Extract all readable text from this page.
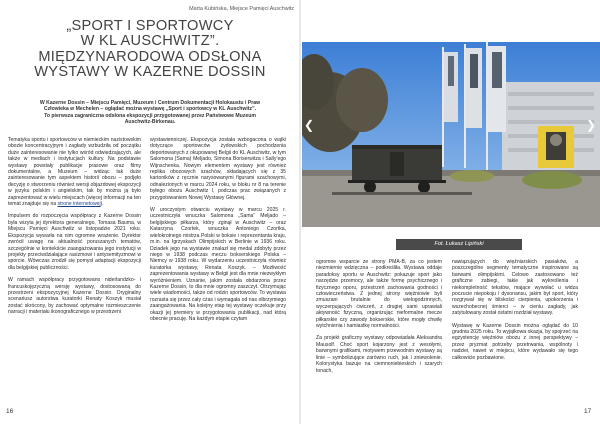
Marta Kubińska, Miejsce Pamięci Auschwitz
„SPORT I SPORTOWCY
W KL AUSCHWITZ”.
MIĘDZYNARODOWA ODSŁONA
WYSTAWY W KAZERNE DOSSIN

W Kazerne Dossin – Miejscu Pamięci, Muzeum i Centrum Dokumentacji Holokaustu i Praw
Człowieka w Mechelen – oglądać można wystawę „Sport i sportowcy w KL Auschwitz”.
To pierwsza zagraniczna odsłona ekspozycji przygotowanej przez Państwowe Muzeum
Auschwitz-Birkenau.

Tematyka sportu i sportowców w niemieckim nazistowskim obozie koncentracyjnym i zagłady wzbudziła od początku duże zainteresowanie nie tylko wśród odwiedzających, ale także w mediach i instytucjach kultury. Na podstawie wystawy powstały publikacje prasowe oraz filmy dokumentalne, a Muzeum – widząc tak duże zainteresowanie tym aspektem historii obozu – podjęło decyzję o stworzeniu również wersji objazdowej ekspozycji w języku polskim i angielskim, tak by można ją było zaprezentować w wielu miejscach (więcej informacji na ten temat znajduje się na strone internetowej).

Impulsem do rozpoczęcia współpracy z Kazerne Dossin była wizyta jej dyrektora generalnego, Tomasa Bauma, w Miejscu Pamięci Auschwitz w listopadzie 2021 roku. Ekspozycja wywarła na nim ogromne wrażenie. Dyrektor zwrócił uwagę na aktualność poruszanych tematów, szczególnie w kontekście zaangażowania jego instytucji w projekty przeciwdziałające rasizmowi i antysemityzmowi w sporcie. Wówczas zrodził się pomysł adaptacji ekspozycji dla belgijskiej publiczności.

W ramach współpracy przygotowano niderlandzko- i francuskojęzyczną wersję wystawy, dostosowaną do przestrzeni ekspozycyjnej Kazerne Dossin. Oryginalny scenariusz autorstwa kuratorki Renaty Koszyk musiał zostać skrócony, by zachować optymalne rozmieszczenie narracji i materiału ikonograficznego w przestrzeni

wystawienniczej. Ekspozycja została wzbogacona o wątki dotyczące sportowców żydowskich pochodzenia deportowanych z okupowanej Belgii do KL Auschwitz, w tym Salomona (Sama) Meljado, Simona Boriserwitza i Sally’ego Wijnschenka. Nowym elementem wystawy jest również replika obozowych szachów, składających się z 35 kartoników z ręcznie narysowanymi figurami szachowymi, odnalezionych w marcu 2024 roku, w bloku nr 8 na terenie byłego obozu Auschwitz I, podczas prac związanych z przygotowaniem Nowej Wystawy Głównej.

W uroczystym otwarciu wystawy w marcu 2025 r. uczestniczyła wnuczka Salomona „Sama” Meljado – belgijskiego piłkarza, który zginął w Auschwitz – oraz Katarzyna Czortek, wnuczka Antoniego Czortka, wielokrotnego mistrza Polski w boksie i reprezentanta kraju, m.in. na Igrzyskach Olimpijskich w Berlinie w 1936 roku. Dziadek jego na wystawie znalazł się medal zdobyty przez niego w 1938 podczas meczu bokserskiego Polska – Niemcy w 1938 roku. W wydarzeniu uczestniczyła również kuratorka wystawy, Renata Koszyk. – Możliwość zaprezentowania wystawy w Belgii jest dla mnie niezwykłym wyróżnieniem. Uznanie, jakim została obdarzona przez Kazerne Dossin, to dla mnie ogromny zaszczyt. Otrzymując wiele wiadomości, także od rodzin sportowców. To wystawa rozrasta się przez cały czas i wymagała od nas olbrzymiego zaangażowania. Na kolejny etap tej wystawy oczekuje przy okazji jej premiery w przygotowaniu publikacji, nad którą obecnie pracuję. Na każdym etapie czytam

16
❮	❯
Fot. Łukasz Lipiński

ogromne wsparcie ze strony PMA-B, za co jestem niezmiernie wdzięczna – podkreśliła. Wystawa oddaje paradoksy sportu w Auschwitz: pokazuje sport jako narzędzie przemocy, ale także formę psychicznego i fizycznego oporu, przestrzeń zachowania godności i człowieczeństwa. Z jednej strony więźniowie byli zmuszani brutalnie do wielogodzinnych, wyczerpujących ćwiczeń, z drugiej sami uprawiali aktywność fizyczną, organizując nieformalne mecze piłkarskie czy zawody bokserskie, które mogły chwilę wytchnienia i namiastkę normalności.

Za projekt graficzny wystawy odpowiadała Aleksandra Mausolf. Choć sport kojarzony jest z wesołymi, barwnymi grafikami, motywem przewodnim wystawy są linie – symbolizujące zarówno ruch, jak i zniewolenie. Kolorystyka bazuje na ciemnoniebieskich i szarych tonach,

nawiązujących do więźniarskich pasiaków, a poszczególne segmenty tematyczne inspirowane są barwami olimpijskimi. Celowo zastosowano też graficzne zabiegi, takie jak wykreślenia i niekompletność tekstów, mające wywołać u widza poczucie niepokoju i dysonansu, jakim był sport, który rozgrywał się w bliskości cierpienia, upokorzenia i wszechobecnej śmierci – w cieniu zagłady, jak zatytułowany został ostatni rozdział wystawy.

Wystawę w Kazerne Dossin można oglądać do 10 grudnia 2025 roku. To wyjątkowa okazja, by spojrzeć na egzystencję więźniów obozu z innej perspektywy – przez pryzmat potrzeby przetrwania, wspólnoty i nadziei, nawet w miejscu, które wydawało się tego całkowicie pozbawione.

17
